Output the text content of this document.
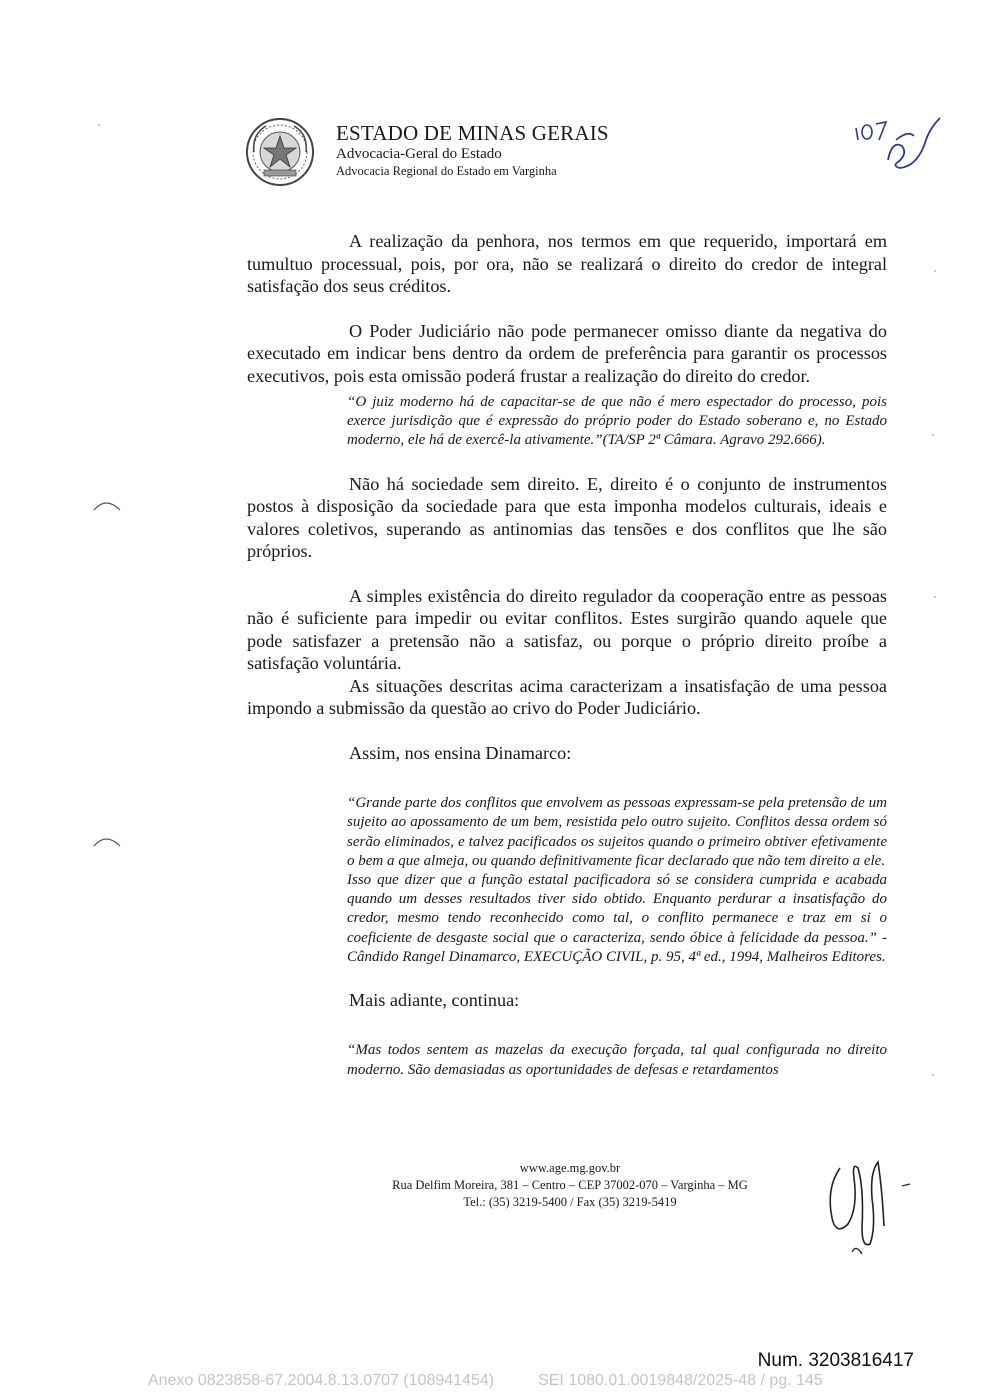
ESTADO DE MINAS GERAIS
Advocacia-Geral do Estado
Advocacia Regional do Estado em Varginha

A realização da penhora, nos termos em que requerido, importará em tumultuo processual, pois, por ora, não se realizará o direito do credor de integral satisfação dos seus créditos.

O Poder Judiciário não pode permanecer omisso diante da negativa do executado em indicar bens dentro da ordem de preferência para garantir os processos executivos, pois esta omissão poderá frustar a realização do direito do credor.

“O juiz moderno há de capacitar-se de que não é mero espectador do processo, pois exerce jurisdição que é expressão do próprio poder do Estado soberano e, no Estado moderno, ele há de exercê-la ativamente.”(TA/SP 2ª Câmara. Agravo 292.666).

Não há sociedade sem direito. E, direito é o conjunto de instrumentos postos à disposição da sociedade para que esta imponha modelos culturais, ideais e valores coletivos, superando as antinomias das tensões e dos conflitos que lhe são próprios.

A simples existência do direito regulador da cooperação entre as pessoas não é suficiente para impedir ou evitar conflitos. Estes surgirão quando aquele que pode satisfazer a pretensão não a satisfaz, ou porque o próprio direito proíbe a satisfação voluntária.

As situações descritas acima caracterizam a insatisfação de uma pessoa impondo a submissão da questão ao crivo do Poder Judiciário.

Assim, nos ensina Dinamarco:

“Grande parte dos conflitos que envolvem as pessoas expressam-se pela pretensão de um sujeito ao apossamento de um bem, resistida pelo outro sujeito. Conflitos dessa ordem só serão eliminados, e talvez pacificados os sujeitos quando o primeiro obtiver efetivamente o bem a que almeja, ou quando definitivamente ficar declarado que não tem direito a ele.

Isso que dizer que a função estatal pacificadora só se considera cumprida e acabada quando um desses resultados tiver sido obtido. Enquanto perdurar a insatisfação do credor, mesmo tendo reconhecido como tal, o conflito permanece e traz em si o coeficiente de desgaste social que o caracteriza, sendo óbice à felicidade da pessoa.” - Cândido Rangel Dinamarco, EXECUÇÃO CIVIL, p. 95, 4ª ed., 1994, Malheiros Editores.

Mais adiante, continua:

“Mas todos sentem as mazelas da execução forçada, tal qual configurada no direito moderno. São demasiadas as oportunidades de defesas e retardamentos

www.age.mg.gov.br
Rua Delfim Moreira, 381 – Centro – CEP 37002-070 – Varginha – MG
Tel.: (35) 3219-5400 / Fax (35) 3219-5419
Num. 3203816417
Anexo 0823858-67.2004.8.13.0707 (108941454)	SEI 1080.01.0019848/2025-48 / pg. 145
